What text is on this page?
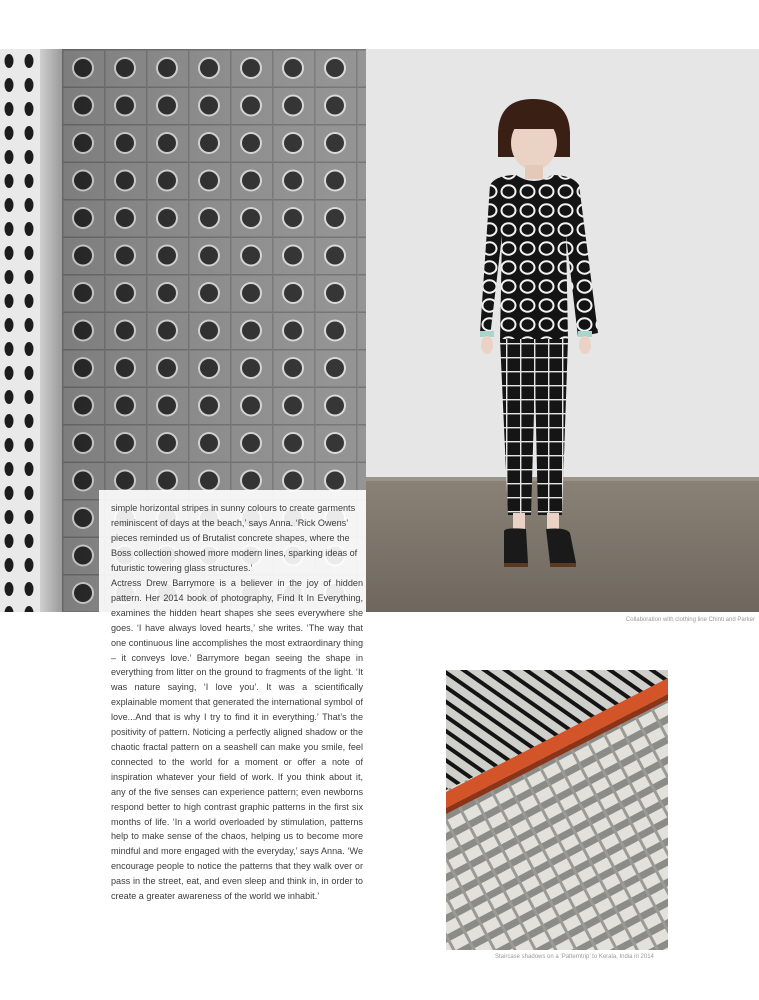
Collaboration with clothing line Chinti and Parker
Staircase shadows on a ‘Patterntrip’ to Kerala, India in 2014

simple horizontal stripes in sunny colours to create garments reminiscent of days at the beach,’ says Anna. ‘Rick Owens’ pieces reminded us of Brutalist concrete shapes, where the Boss collection showed more modern lines, sparking ideas of futuristic towering glass structures.’

Actress Drew Barrymore is a believer in the joy of hidden pattern. Her 2014 book of photography, Find It In Everything, examines the hidden heart shapes she sees everywhere she goes. ‘I have always loved hearts,’ she writes. ‘The way that one continuous line accomplishes the most extraordinary thing – it conveys love.’ Barrymore began seeing the shape in everything from litter on the ground to fragments of the light. ‘It was nature saying, ‘I love you’. It was a scientifically explainable moment that generated the international symbol of love...And that is why I try to find it in everything.’ That’s the positivity of pattern. Noticing a perfectly aligned shadow or the chaotic fractal pattern on a seashell can make you smile, feel connected to the world for a moment or offer a note of inspiration whatever your field of work. If you think about it, any of the five senses can experience pattern; even newborns respond better to high contrast graphic patterns in the first six months of life. ‘In a world overloaded by stimulation, patterns help to make sense of the chaos, helping us to become more mindful and more engaged with the everyday,’ says Anna. ‘We encourage people to notice the patterns that they walk over or pass in the street, eat, and even sleep and think in, in order to create a greater awareness of the world we inhabit.’
